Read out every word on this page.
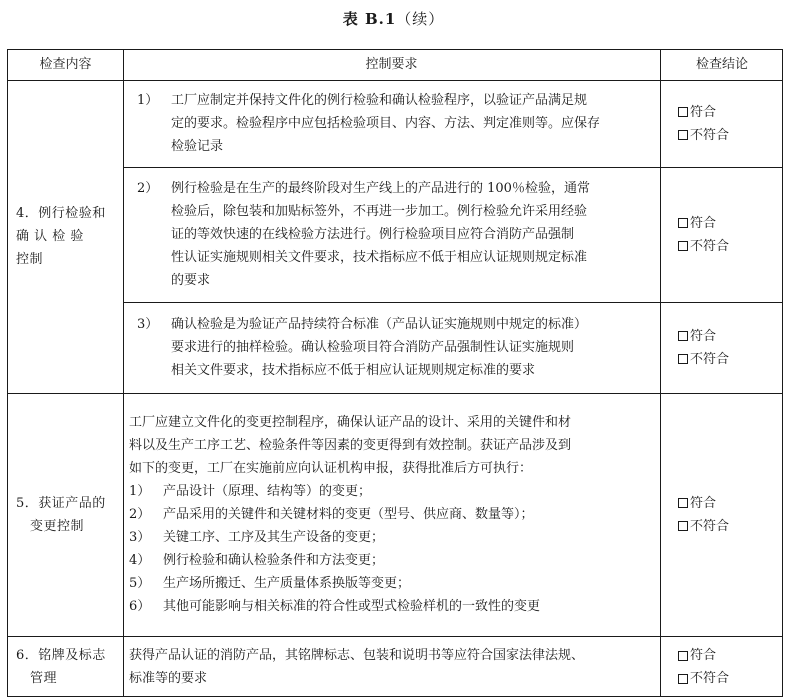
表 B.1（续）
检查内容	控制要求	检查结论
4．例行检验和
确 认 检 验
控制
1） 工厂应制定并保持文件化的例行检验和确认检验程序，以验证产品满足规
定的要求。检验程序中应包括检验项目、内容、方法、判定准则等。应保存
检验记录
符合
不符合
2） 例行检验是在生产的最终阶段对生产线上的产品进行的 100％检验，通常
检验后，除包装和加贴标签外，不再进一步加工。例行检验允许采用经验
证的等效快速的在线检验方法进行。例行检验项目应符合消防产品强制
性认证实施规则相关文件要求，技术指标应不低于相应认证规则规定标准
的要求
符合
不符合
3） 确认检验是为验证产品持续符合标准（产品认证实施规则中规定的标准）
要求进行的抽样检验。确认检验项目符合消防产品强制性认证实施规则
相关文件要求，技术指标应不低于相应认证规则规定标准的要求
符合
不符合
5．获证产品的
变更控制
工厂应建立文件化的变更控制程序，确保认证产品的设计、采用的关键件和材
料以及生产工序工艺、检验条件等因素的变更得到有效控制。获证产品涉及到
如下的变更，工厂在实施前应向认证机构申报，获得批准后方可执行：
1） 产品设计（原理、结构等）的变更；
2） 产品采用的关键件和关键材料的变更（型号、供应商、数量等）；
3） 关键工序、工序及其生产设备的变更；
4） 例行检验和确认检验条件和方法变更；
5） 生产场所搬迁、生产质量体系换版等变更；
6） 其他可能影响与相关标准的符合性或型式检验样机的一致性的变更
符合
不符合
6．铭牌及标志
管理
获得产品认证的消防产品，其铭牌标志、包装和说明书等应符合国家法律法规、
标准等的要求
符合
不符合
